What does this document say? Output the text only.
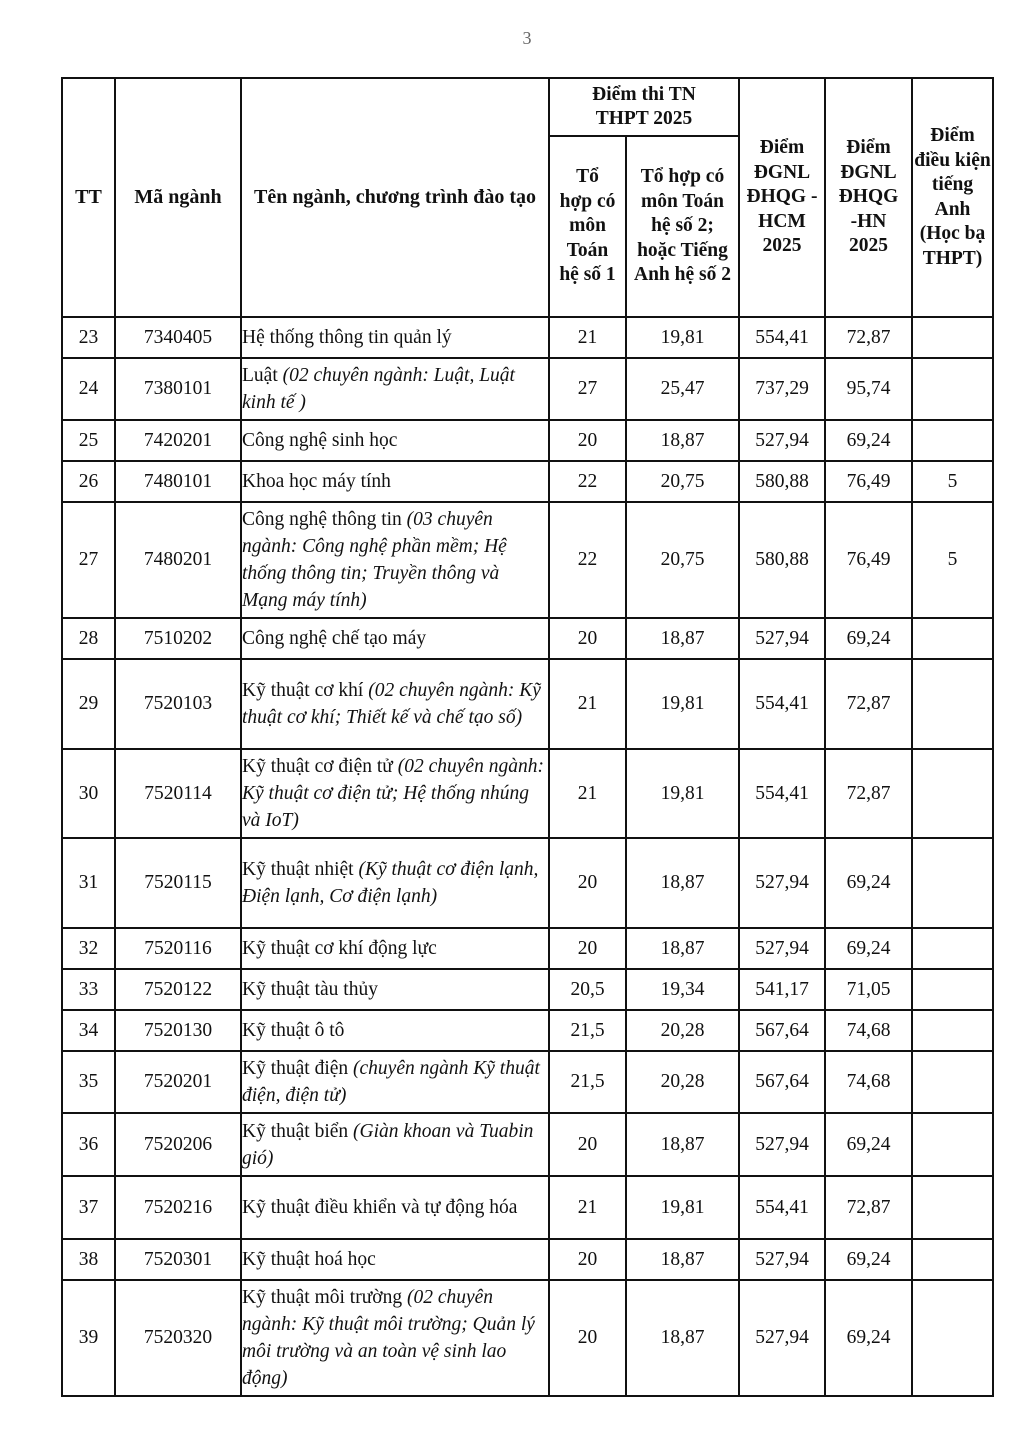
3
TT	Mã ngành	Tên ngành, chương trình đào tạo	Điểm thi TN THPT 2025		Điểm ĐGNL ĐHQG -HCM 2025	Điểm ĐGNL ĐHQG -HN 2025	Điểm điều kiện tiếng Anh (Học bạ THPT)
			Tổ hợp có môn Toán hệ số 1	Tổ hợp có môn Toán hệ số 2; hoặc Tiếng Anh hệ số 2			
23	7340405	Hệ thống thông tin quản lý	21	19,81	554,41	72,87	
24	7380101	Luật (02 chuyên ngành: Luật, Luật kinh tế )	27	25,47	737,29	95,74	
25	7420201	Công nghệ sinh học	20	18,87	527,94	69,24	
26	7480101	Khoa học máy tính	22	20,75	580,88	76,49	5
27	7480201	Công nghệ thông tin (03 chuyên ngành: Công nghệ phần mềm; Hệ thống thông tin; Truyền thông và Mạng máy tính)	22	20,75	580,88	76,49	5
28	7510202	Công nghệ chế tạo máy	20	18,87	527,94	69,24	
29	7520103	Kỹ thuật cơ khí (02 chuyên ngành: Kỹ thuật cơ khí; Thiết kế và chế tạo số)	21	19,81	554,41	72,87	
30	7520114	Kỹ thuật cơ điện tử (02 chuyên ngành: Kỹ thuật cơ điện tử; Hệ thống nhúng và IoT)	21	19,81	554,41	72,87	
31	7520115	Kỹ thuật nhiệt (Kỹ thuật cơ điện lạnh, Điện lạnh, Cơ điện lạnh)	20	18,87	527,94	69,24	
32	7520116	Kỹ thuật cơ khí động lực	20	18,87	527,94	69,24	
33	7520122	Kỹ thuật tàu thủy	20,5	19,34	541,17	71,05	
34	7520130	Kỹ thuật ô tô	21,5	20,28	567,64	74,68	
35	7520201	Kỹ thuật điện (chuyên ngành Kỹ thuật điện, điện tử)	21,5	20,28	567,64	74,68	
36	7520206	Kỹ thuật biển (Giàn khoan và Tuabin gió)	20	18,87	527,94	69,24	
37	7520216	Kỹ thuật điều khiển và tự động hóa	21	19,81	554,41	72,87	
38	7520301	Kỹ thuật hoá học	20	18,87	527,94	69,24	
39	7520320	Kỹ thuật môi trường (02 chuyên ngành: Kỹ thuật môi trường; Quản lý môi trường và an toàn vệ sinh lao động)	20	18,87	527,94	69,24	
